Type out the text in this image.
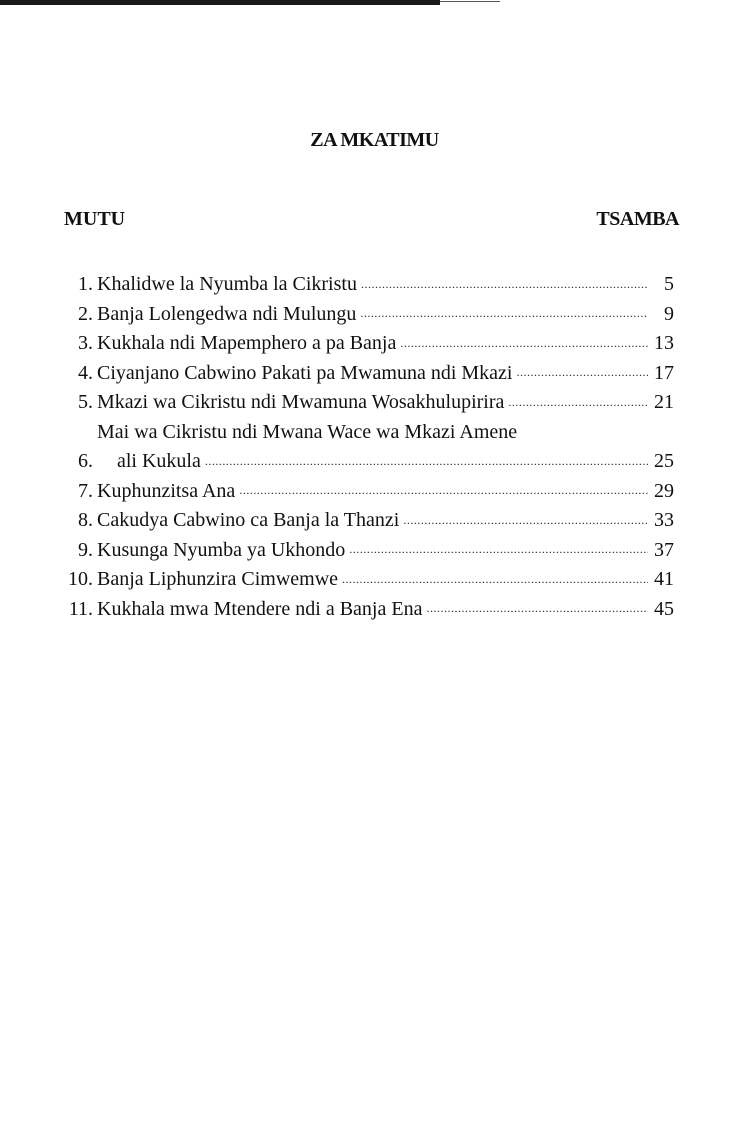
ZA MKATIMU
MUTU	TSAMBA
1. Khalidwe la Nyumba la Cikristu .....	5
2. Banja Lolengedwa ndi Mulungu .....	9
3. Kukhala ndi Mapemphero a pa Banja .....	13
4. Ciyanjano Cabwino Pakati pa Mwamuna ndi Mkazi .....	17
5. Mkazi wa Cikristu ndi Mwamuna Wosakhulupirira .....	21
6.
Mai wa Cikristu ndi Mwana Wace wa Mkazi Amene
ali Kukula .....	25
7. Kuphunzitsa Ana .....	29
8. Cakudya Cabwino ca Banja la Thanzi .....	33
9. Kusunga Nyumba ya Ukhondo .....	37
10. Banja Liphunzira Cimwemwe .....	41
11. Kukhala mwa Mtendere ndi a Banja Ena .....	45
